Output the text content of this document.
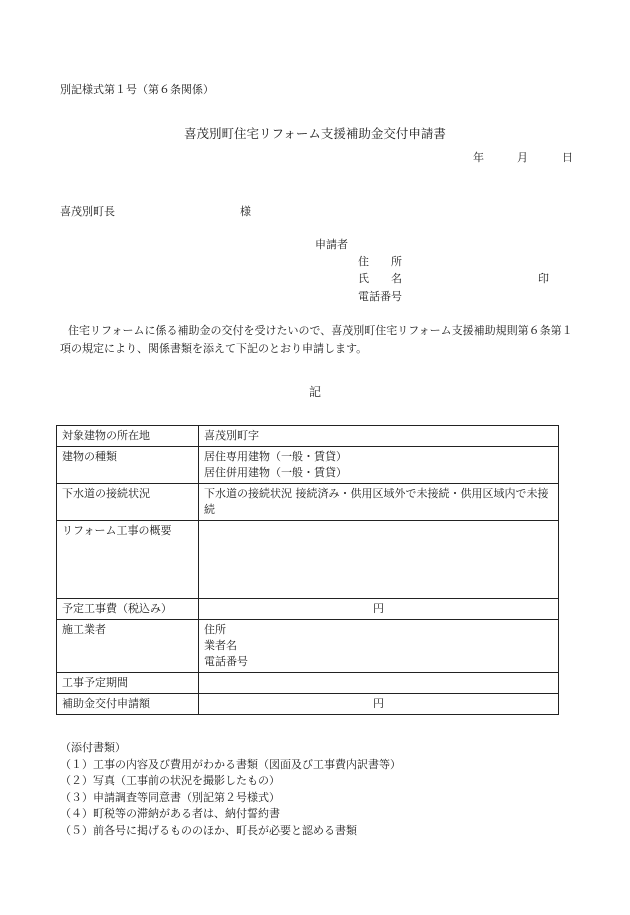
別記様式第１号（第６条関係）
喜茂別町住宅リフォーム支援補助金交付申請書
年	月	日
喜茂別町長	様
申請者
住　　所
氏　　名	印
電話番号
住宅リフォームに係る補助金の交付を受けたいので、喜茂別町住宅リフォーム支援補助規則第６条第１項の規定により、関係書類を添えて下記のとおり申請します。
記
対象建物の所在地	喜茂別町字
建物の種類	居住専用建物（一般・賃貸）
居住併用建物（一般・賃貸）

下水道の接続状況	下水道の接続状況 接続済み・供用区域外で未接続・供用区域内で未接続
リフォーム工事の概要	
予定工事費（税込み）	円
施工業者	住所
業者名
電話番号

工事予定期間	
補助金交付申請額	円
（添付書類）
（１）工事の内容及び費用がわかる書類（図面及び工事費内訳書等）
（２）写真（工事前の状況を撮影したもの）
（３）申請調査等同意書（別記第２号様式）
（４）町税等の滞納がある者は、納付誓約書
（５）前各号に掲げるもののほか、町長が必要と認める書類
